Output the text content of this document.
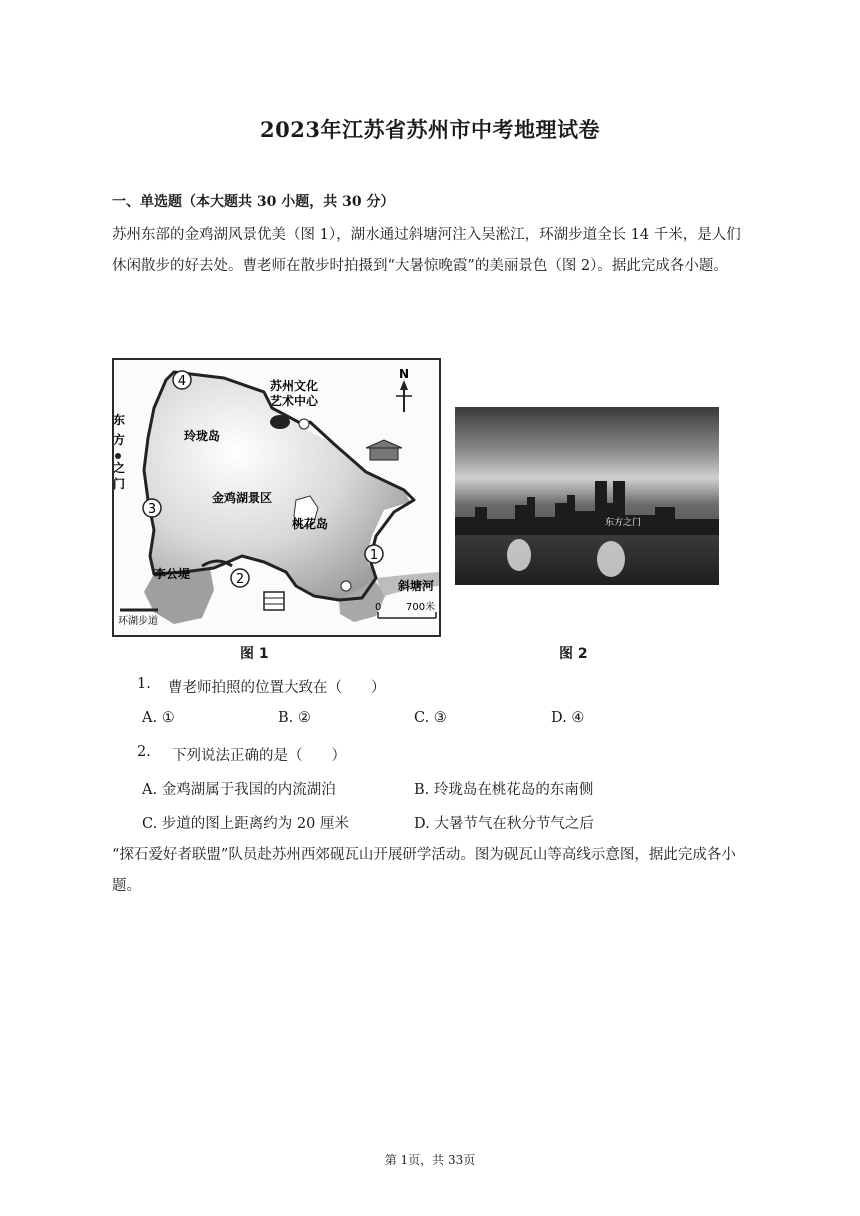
2023年江苏省苏州市中考地理试卷
一、单选题（本大题共 30 小题，共 30 分）
苏州东部的金鸡湖风景优美（图 1），湖水通过斜塘河注入吴淞江，环湖步道全长 14 千米，是人们休闲散步的好去处。曹老师在散步时拍摄到“大暑惊晚霞”的美丽景色（图 2）。据此完成各小题。
N
4
3
2
1
苏州文化
艺术中心
东
方
之
门
玲珑岛
金鸡湖景区
桃花岛
李公堤
斜塘河
0 700米
环湖步道
东方之门
图 1	图 2
1. 曹老师拍照的位置大致在（　　）
A. ①	B. ②	C. ③	D. ④
2. 下列说法正确的是（　　）
A. 金鸡湖属于我国的内流湖泊	B. 玲珑岛在桃花岛的东南侧
C. 步道的图上距离约为 20 厘米	D. 大暑节气在秋分节气之后
“探石爱好者联盟”队员赴苏州西郊砚瓦山开展研学活动。图为砚瓦山等高线示意图，据此完成各小题。
第 1页，共 33页
